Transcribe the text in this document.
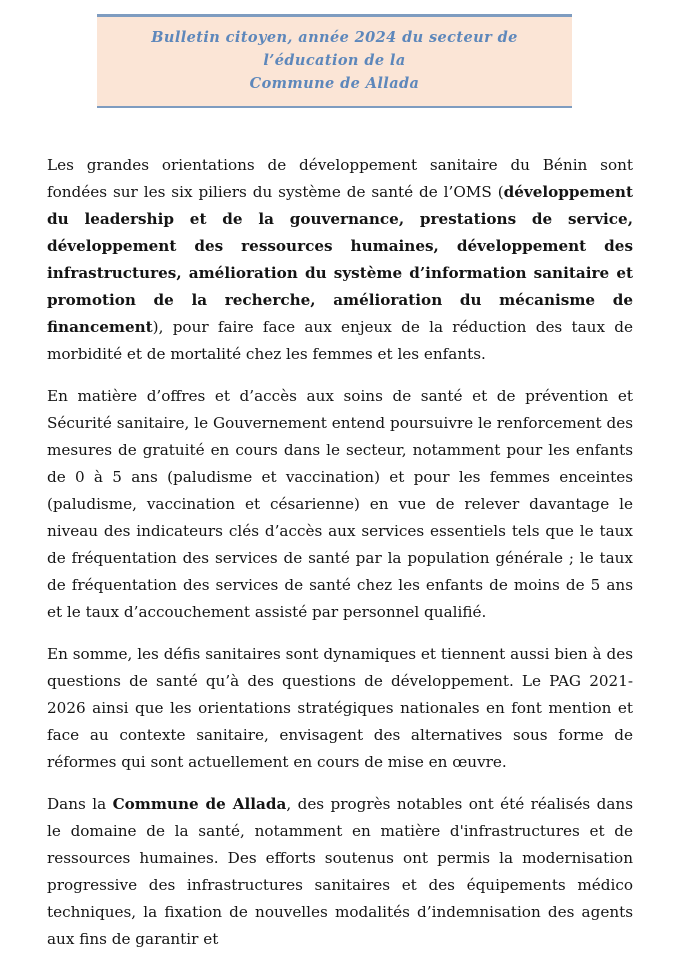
Bulletin citoyen, année 2024 du secteur de l’éducation de la
Commune de Allada

Les grandes orientations de développement sanitaire du Bénin sont fondées sur les six piliers du système de santé de l’OMS (développement du leadership et de la gouvernance, prestations de service, développement des ressources humaines, développement des infrastructures, amélioration du système d’information sanitaire et promotion de la recherche, amélioration du mécanisme de financement), pour faire face aux enjeux de la réduction des taux de morbidité et de mortalité chez les femmes et les enfants.

En matière d’offres et d’accès aux soins de santé et de prévention et Sécurité sanitaire, le Gouvernement entend poursuivre le renforcement des mesures de gratuité en cours dans le secteur, notamment pour les enfants de 0 à 5 ans (paludisme et vaccination) et pour les femmes enceintes (paludisme, vaccination et césarienne) en vue de relever davantage le niveau des indicateurs clés d’accès aux services essentiels tels que le taux de fréquentation des services de santé par la population générale ; le taux de fréquentation des services de santé chez les enfants de moins de 5 ans et le taux d’accouchement assisté par personnel qualifié.

En somme, les défis sanitaires sont dynamiques et tiennent aussi bien à des questions de santé qu’à des questions de développement. Le PAG 2021-2026 ainsi que les orientations stratégiques nationales en font mention et face au contexte sanitaire, envisagent des alternatives sous forme de réformes qui sont actuellement en cours de mise en œuvre.

Dans la Commune de Allada, des progrès notables ont été réalisés dans le domaine de la santé, notamment en matière d'infrastructures et de ressources humaines. Des efforts soutenus ont permis la modernisation progressive des infrastructures sanitaires et des équipements médico techniques, la fixation de nouvelles modalités d’indemnisation des agents aux fins de garantir et
